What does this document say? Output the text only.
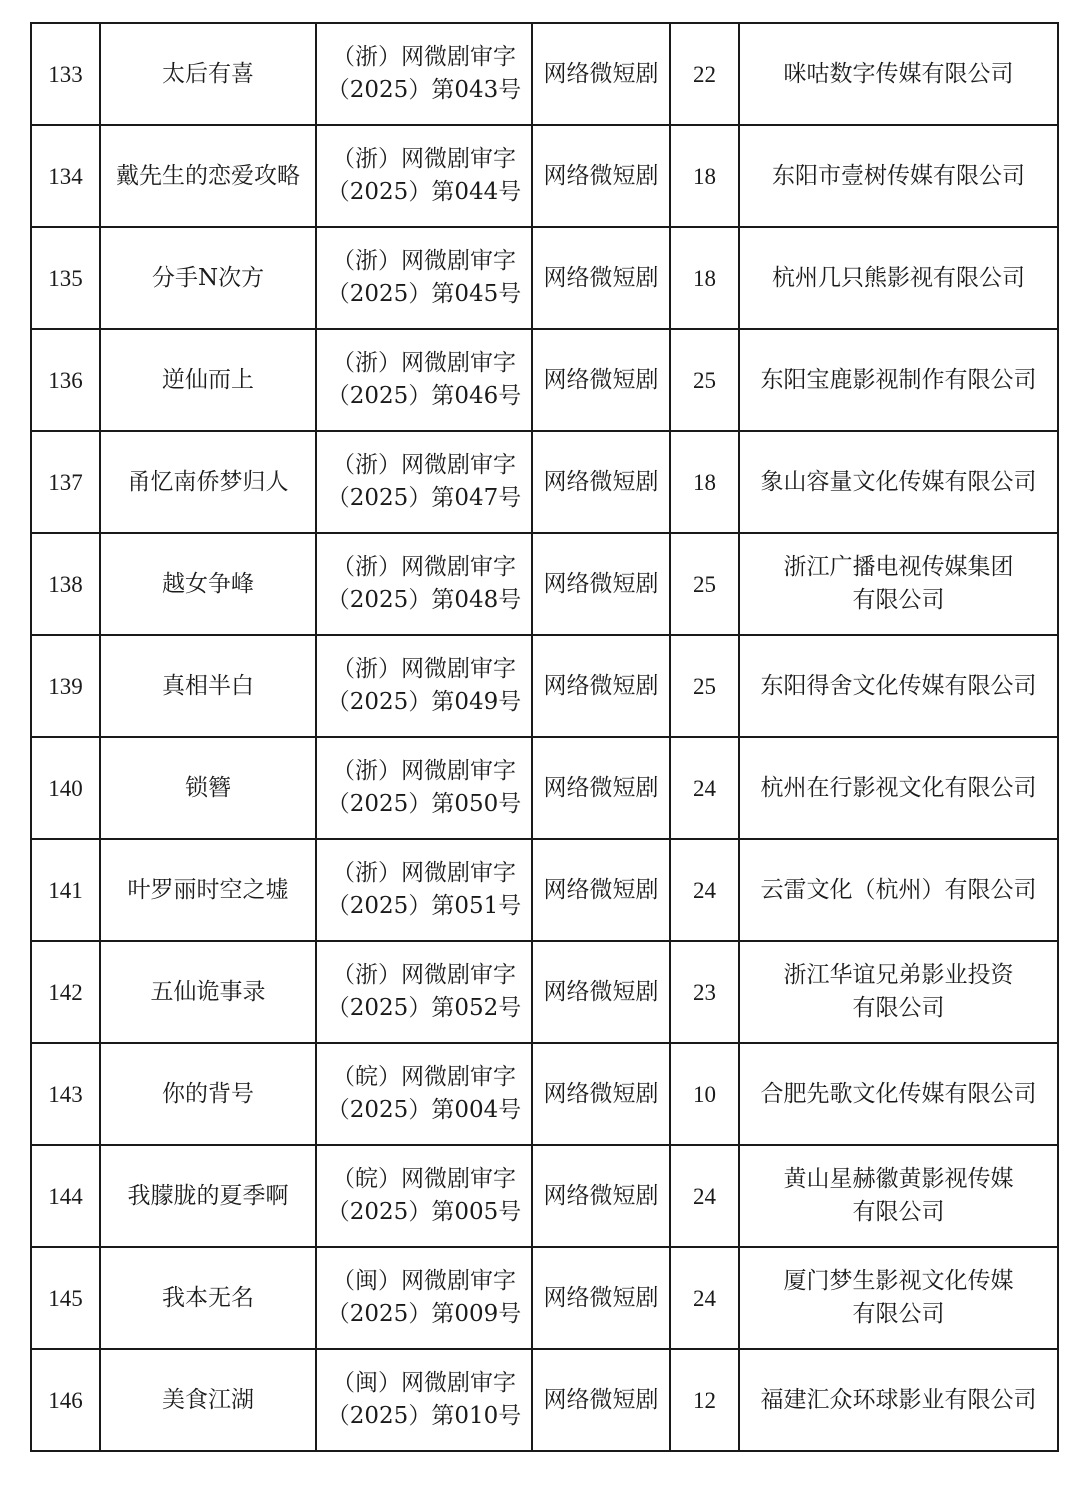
133	太后有喜	（浙）网微剧审字
（2025）第043号	网络微短剧	22	咪咕数字传媒有限公司
134	戴先生的恋爱攻略	（浙）网微剧审字
（2025）第044号	网络微短剧	18	东阳市壹树传媒有限公司
135	分手N次方	（浙）网微剧审字
（2025）第045号	网络微短剧	18	杭州几只熊影视有限公司
136	逆仙而上	（浙）网微剧审字
（2025）第046号	网络微短剧	25	东阳宝鹿影视制作有限公司
137	甬忆南侨梦归人	（浙）网微剧审字
（2025）第047号	网络微短剧	18	象山容量文化传媒有限公司
138	越女争峰	（浙）网微剧审字
（2025）第048号	网络微短剧	25	浙江广播电视传媒集团
有限公司

139	真相半白	（浙）网微剧审字
（2025）第049号	网络微短剧	25	东阳得舍文化传媒有限公司
140	锁簪	（浙）网微剧审字
（2025）第050号	网络微短剧	24	杭州在行影视文化有限公司
141	叶罗丽时空之墟	（浙）网微剧审字
（2025）第051号	网络微短剧	24	云雷文化（杭州）有限公司
142	五仙诡事录	（浙）网微剧审字
（2025）第052号	网络微短剧	23	浙江华谊兄弟影业投资
有限公司

143	你的背号	（皖）网微剧审字
（2025）第004号	网络微短剧	10	合肥先歌文化传媒有限公司
144	我朦胧的夏季啊	（皖）网微剧审字
（2025）第005号	网络微短剧	24	黄山星赫徽黄影视传媒
有限公司

145	我本无名	（闽）网微剧审字
（2025）第009号	网络微短剧	24	厦门梦生影视文化传媒
有限公司

146	美食江湖	（闽）网微剧审字
（2025）第010号	网络微短剧	12	福建汇众环球影业有限公司
